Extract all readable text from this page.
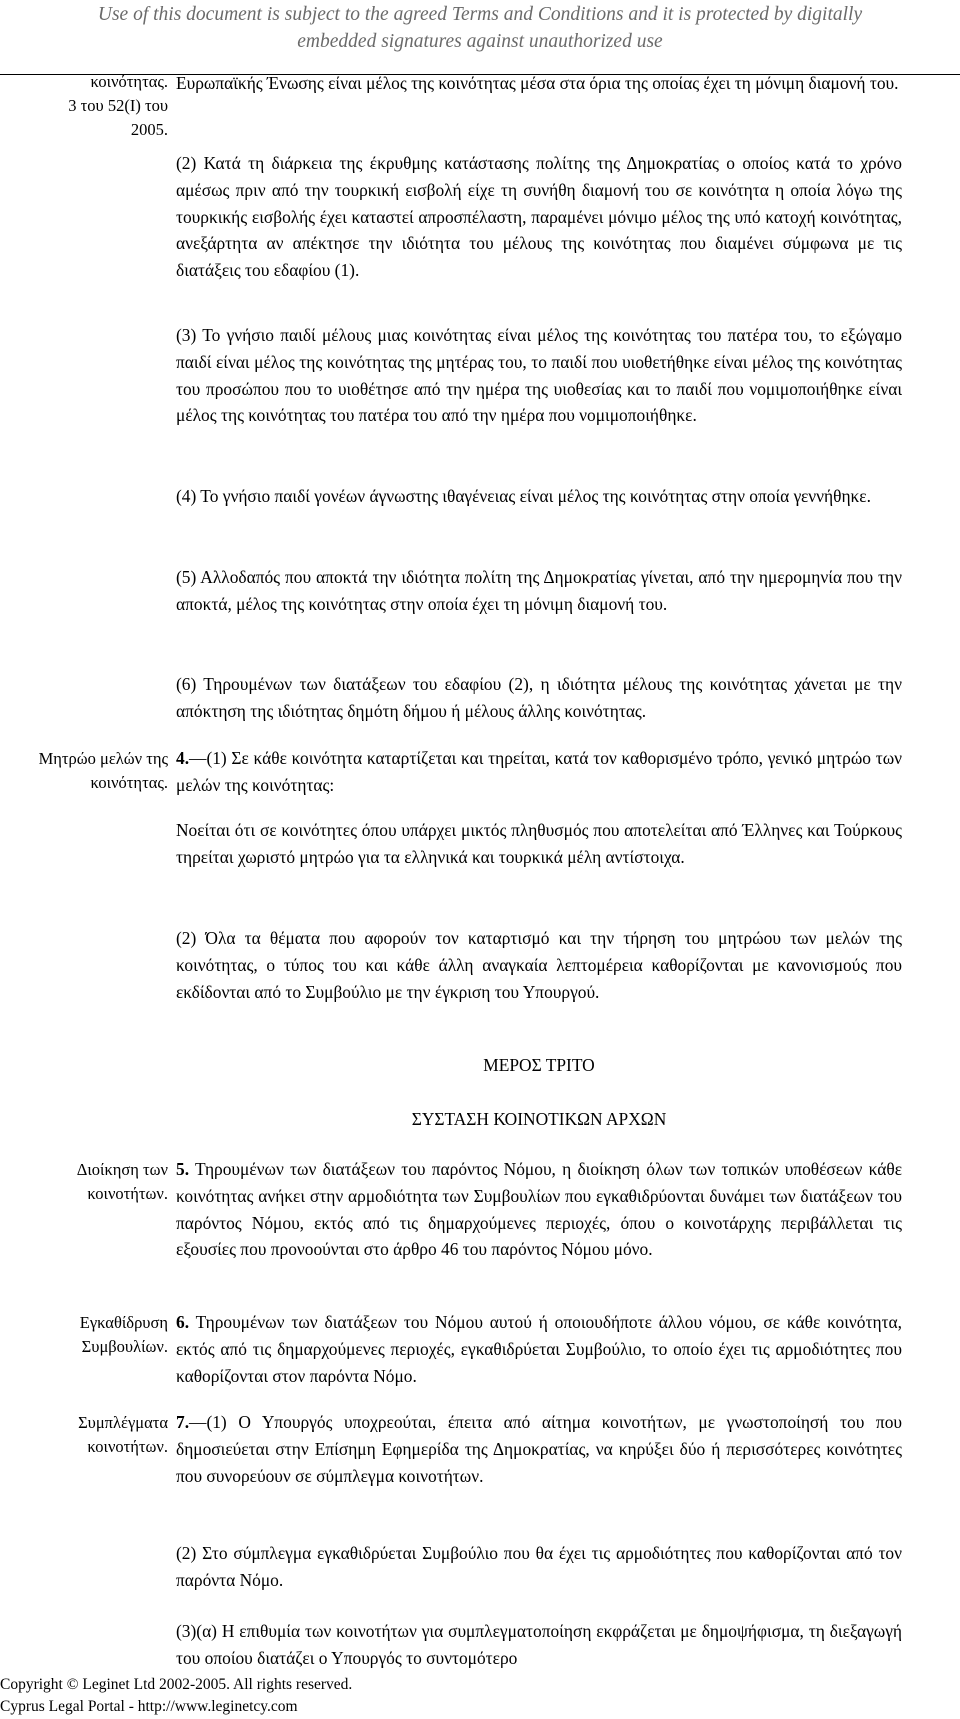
Use of this document is subject to the agreed Terms and Conditions and it is protected by digitally
embedded signatures against unauthorized use
κοινότητας.
3 του 52(Ι) του
2005.
Ευρωπαϊκής Ένωσης είναι μέλος της κοινότητας μέσα στα όρια της οποίας έχει τη μόνιμη διαμονή του.
(2) Κατά τη διάρκεια της έκρυθμης κατάστασης πολίτης της Δημοκρατίας ο οποίος κατά το χρόνο αμέσως πριν από την τουρκική εισβολή είχε τη συνήθη διαμονή του σε κοινότητα η οποία λόγω της τουρκικής εισβολής έχει καταστεί απροσπέλαστη, παραμένει μόνιμο μέλος της υπό κατοχή κοινότητας, ανεξάρτητα αν απέκτησε την ιδιότητα του μέλους της κοινότητας που διαμένει σύμφωνα με τις διατάξεις του εδαφίου (1).
(3) Το γνήσιο παιδί μέλους μιας κοινότητας είναι μέλος της κοινότητας του πατέρα του, το εξώγαμο παιδί είναι μέλος της κοινότητας της μητέρας του, το παιδί που υιοθετήθηκε είναι μέλος της κοινότητας του προσώπου που το υιοθέτησε από την ημέρα της υιοθεσίας και το παιδί που νομιμοποιήθηκε είναι μέλος της κοινότητας του πατέρα του από την ημέρα που νομιμοποιήθηκε.
(4) Το γνήσιο παιδί γονέων άγνωστης ιθαγένειας είναι μέλος της κοινότητας στην οποία γεννήθηκε.
(5) Αλλοδαπός που αποκτά την ιδιότητα πολίτη της Δημοκρατίας γίνεται, από την ημερομηνία που την αποκτά, μέλος της κοινότητας στην οποία έχει τη μόνιμη διαμονή του.
(6) Τηρουμένων των διατάξεων του εδαφίου (2), η ιδιότητα μέλους της κοινότητας χάνεται με την απόκτηση της ιδιότητας δημότη δήμου ή μέλους άλλης κοινότητας.
Μητρώο μελών της
κοινότητας.
4.—(1) Σε κάθε κοινότητα καταρτίζεται και τηρείται, κατά τον καθορισμένο τρόπο, γενικό μητρώο των μελών της κοινότητας:
Νοείται ότι σε κοινότητες όπου υπάρχει μικτός πληθυσμός που αποτελείται από Έλληνες και Τούρκους τηρείται χωριστό μητρώο για τα ελληνικά και τουρκικά μέλη αντίστοιχα.
(2) Όλα τα θέματα που αφορούν τον καταρτισμό και την τήρηση του μητρώου των μελών της κοινότητας, ο τύπος του και κάθε άλλη αναγκαία λεπτομέρεια καθορίζονται με κανονισμούς που εκδίδονται από το Συμβούλιο με την έγκριση του Υπουργού.
ΜΕΡΟΣ ΤΡΙΤΟ
ΣΥΣΤΑΣΗ ΚΟΙΝΟΤΙΚΩΝ ΑΡΧΩΝ
Διοίκηση των
κοινοτήτων.
5. Τηρουμένων των διατάξεων του παρόντος Νόμου, η διοίκηση όλων των τοπικών υποθέσεων κάθε κοινότητας ανήκει στην αρμοδιότητα των Συμβουλίων που εγκαθιδρύονται δυνάμει των διατάξεων του παρόντος Νόμου, εκτός από τις δημαρχούμενες περιοχές, όπου ο κοινοτάρχης περιβάλλεται τις εξουσίες που προνοούνται στο άρθρο 46 του παρόντος Νόμου μόνο.
Εγκαθίδρυση
Συμβουλίων.
6. Τηρουμένων των διατάξεων του Νόμου αυτού ή οποιουδήποτε άλλου νόμου, σε κάθε κοινότητα, εκτός από τις δημαρχούμενες περιοχές, εγκαθιδρύεται Συμβούλιο, το οποίο έχει τις αρμοδιότητες που καθορίζονται στον παρόντα Νόμο.
Συμπλέγματα
κοινοτήτων.
7.—(1) Ο Υπουργός υποχρεούται, έπειτα από αίτημα κοινοτήτων, με γνωστοποίησή του που δημοσιεύεται στην Επίσημη Εφημερίδα της Δημοκρατίας, να κηρύξει δύο ή περισσότερες κοινότητες που συνορεύουν σε σύμπλεγμα κοινοτήτων.
(2) Στο σύμπλεγμα εγκαθιδρύεται Συμβούλιο που θα έχει τις αρμοδιότητες που καθορίζονται από τον παρόντα Νόμο.
(3)(α) Η επιθυμία των κοινοτήτων για συμπλεγματοποίηση εκφράζεται με δημοψήφισμα, τη διεξαγωγή του οποίου διατάζει ο Υπουργός το συντομότερο
Copyright © Leginet Ltd 2002-2005. All rights reserved.
Cyprus Legal Portal - http://www.leginetcy.com
